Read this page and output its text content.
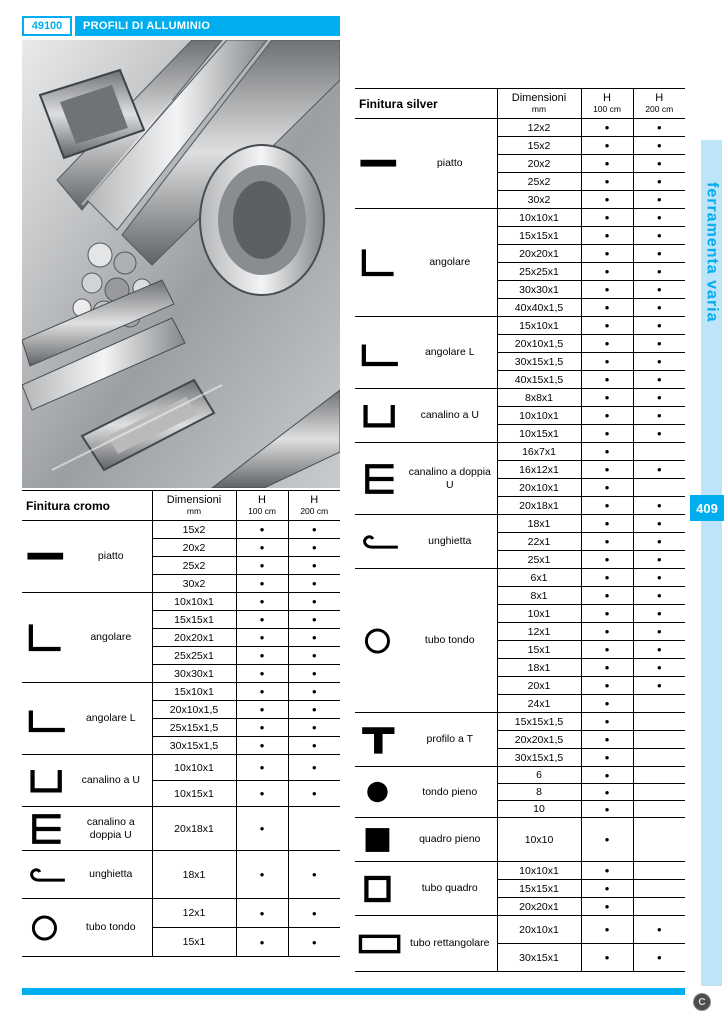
49100 PROFILI DI ALLUMINIO
ferramenta varia
409
Finitura cromo	Dimensioni
mm

H
100 cm

H
200 cm

piatto	15x2	•	•
	20x2	•	•
	25x2	•	•
	30x2	•	•

angolare	10x10x1	•	•
	15x15x1	•	•
	20x20x1	•	•
	25x25x1	•	•
	30x30x1	•	•

angolare L	15x10x1	•	•
	20x10x1,5	•	•
	25x15x1,5	•	•
	30x15x1,5	•	•

canalino a U	10x10x1	•	•
	10x15x1	•	•

canalino a doppia U	20x18x1	•	

unghietta	18x1	•	•

tubo tondo	12x1	•	•
	15x1	•	•
Finitura silver	Dimensioni
mm

H
100 cm

H
200 cm

piatto	12x2	•	•
	15x2	•	•
	20x2	•	•
	25x2	•	•
	30x2	•	•

angolare	10x10x1	•	•
	15x15x1	•	•
	20x20x1	•	•
	25x25x1	•	•
	30x30x1	•	•
	40x40x1,5	•	•

angolare L	15x10x1	•	•
	20x10x1,5	•	•
	30x15x1,5	•	•
	40x15x1,5	•	•

canalino a U	8x8x1	•	•
	10x10x1	•	•
	10x15x1	•	•

canalino a doppia U	16x7x1	•	
	16x12x1	•	•
	20x10x1	•	
	20x18x1	•	•

unghietta	18x1	•	•
	22x1	•	•
	25x1	•	•

tubo tondo	6x1	•	•
	8x1	•	•
	10x1	•	•
	12x1	•	•
	15x1	•	•
	18x1	•	•
	20x1	•	•
	24x1	•	

profilo a T	15x15x1,5	•	
	20x20x1,5	•	
	30x15x1,5	•	

tondo pieno	6	•	
	8	•	
	10	•	

quadro pieno	10x10	•	

tubo quadro	10x10x1	•	
	15x15x1	•	
	20x20x1	•	

tubo rettangolare	20x10x1	•	•
	30x15x1	•	•
C
